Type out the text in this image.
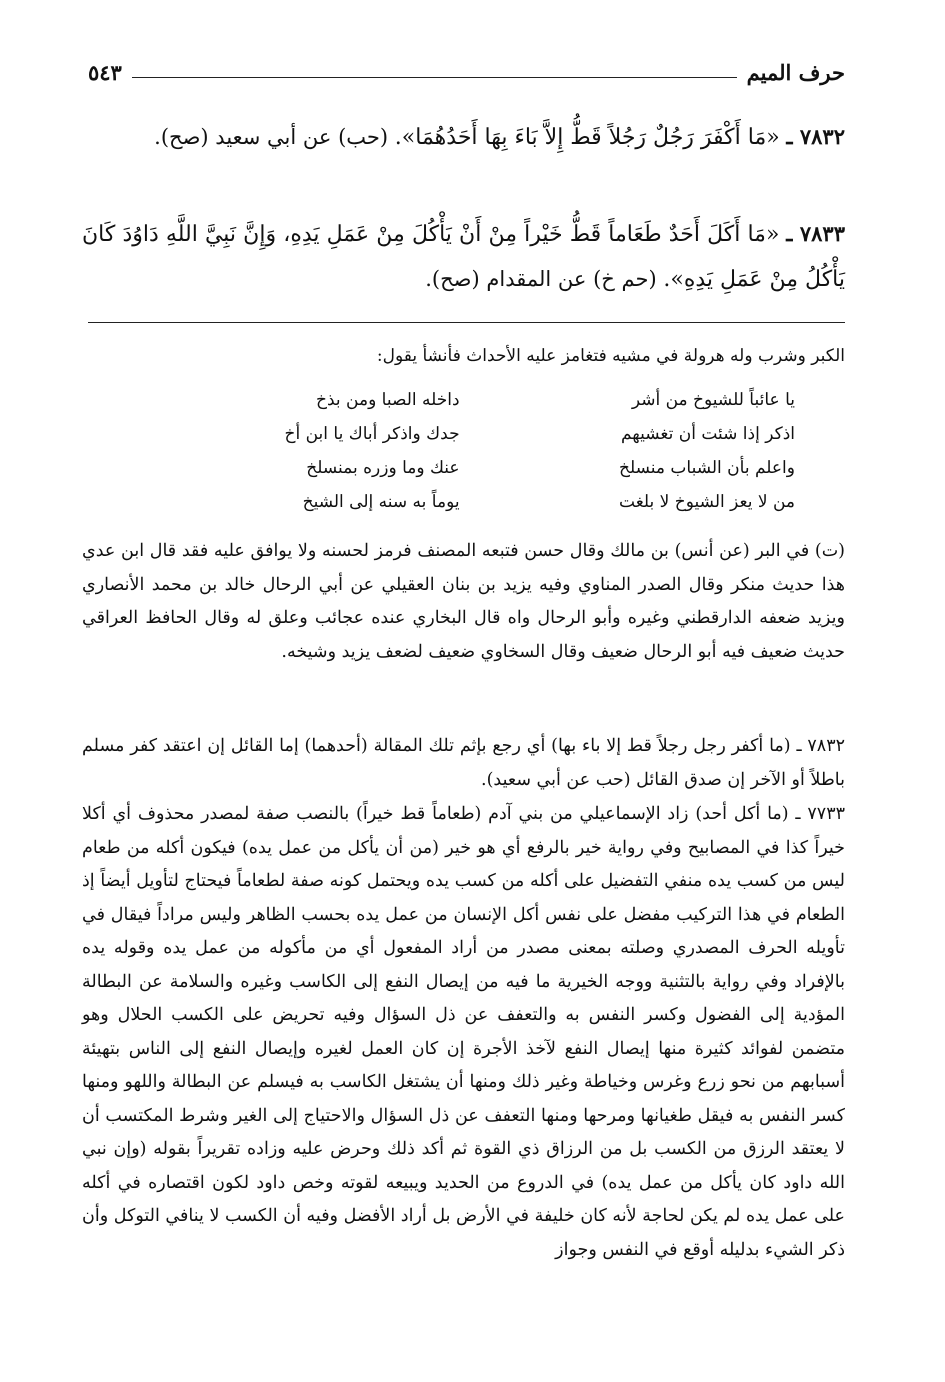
حرف الميم
٥٤٣
٧٨٣٢ ـ «مَا أَكْفَرَ رَجُلٌ رَجُلاً قَطُّ إِلاَّ بَاءَ بِهَا أَحَدُهُمَا». (حب) عن أبي سعيد (صح).
٧٨٣٣ ـ «مَا أَكَلَ أَحَدٌ طَعَاماً قَطُّ خَيْراً مِنْ أَنْ يَأْكُلَ مِنْ عَمَلِ يَدِهِ، وَإِنَّ نَبِيَّ اللَّهِ دَاوُدَ كَانَ يَأْكُلُ مِنْ عَمَلِ يَدِهِ». (حم خ) عن المقدام (صح).

الكبر وشرب وله هرولة في مشيه فتغامز عليه الأحداث فأنشأ يقول:

يا عائباً للشيوخ من أشر
داخله الصبا ومن بذخ
اذكر إذا شئت أن تغشيهم
جدك واذكر أباك يا ابن أخ
واعلم بأن الشباب منسلخ
عنك وما وزره بمنسلخ
من لا يعز الشيوخ لا بلغت
يوماً به سنه إلى الشيخ

(ت) في البر (عن أنس) بن مالك وقال حسن فتبعه المصنف فرمز لحسنه ولا يوافق عليه فقد قال ابن عدي هذا حديث منكر وقال الصدر المناوي وفيه يزيد بن بنان العقيلي عن أبي الرحال خالد بن محمد الأنصاري ويزيد ضعفه الدارقطني وغيره وأبو الرحال واه قال البخاري عنده عجائب وعلق له وقال الحافظ العراقي حديث ضعيف فيه أبو الرحال ضعيف وقال السخاوي ضعيف لضعف يزيد وشيخه.

٧٨٣٢ ـ (ما أكفر رجل رجلاً قط إلا باء بها) أي رجع بإثم تلك المقالة (أحدهما) إما القائل إن اعتقد كفر مسلم باطلاً أو الآخر إن صدق القائل (حب عن أبي سعيد).

٧٧٣٣ ـ (ما أكل أحد) زاد الإسماعيلي من بني آدم (طعاماً قط خيراً) بالنصب صفة لمصدر محذوف أي أكلا خيراً كذا في المصابيح وفي رواية خير بالرفع أي هو خير (من أن يأكل من عمل يده) فيكون أكله من طعام ليس من كسب يده منفي التفضيل على أكله من كسب يده ويحتمل كونه صفة لطعاماً فيحتاج لتأويل أيضاً إذ الطعام في هذا التركيب مفضل على نفس أكل الإنسان من عمل يده بحسب الظاهر وليس مراداً فيقال في تأويله الحرف المصدري وصلته بمعنى مصدر من أراد المفعول أي من مأكوله من عمل يده وقوله يده بالإفراد وفي رواية بالتثنية ووجه الخيرية ما فيه من إيصال النفع إلى الكاسب وغيره والسلامة عن البطالة المؤدية إلى الفضول وكسر النفس به والتعفف عن ذل السؤال وفيه تحريض على الكسب الحلال وهو متضمن لفوائد كثيرة منها إيصال النفع لآخذ الأجرة إن كان العمل لغيره وإيصال النفع إلى الناس بتهيئة أسبابهم من نحو زرع وغرس وخياطة وغير ذلك ومنها أن يشتغل الكاسب به فيسلم عن البطالة واللهو ومنها كسر النفس به فيقل طغيانها ومرحها ومنها التعفف عن ذل السؤال والاحتياج إلى الغير وشرط المكتسب أن لا يعتقد الرزق من الكسب بل من الرزاق ذي القوة ثم أكد ذلك وحرض عليه وزاده تقريراً بقوله (وإن نبي الله داود كان يأكل من عمل يده) في الدروع من الحديد ويبيعه لقوته وخص داود لكون اقتصاره في أكله على عمل يده لم يكن لحاجة لأنه كان خليفة في الأرض بل أراد الأفضل وفيه أن الكسب لا ينافي التوكل وأن ذكر الشيء بدليله أوقع في النفس وجواز
